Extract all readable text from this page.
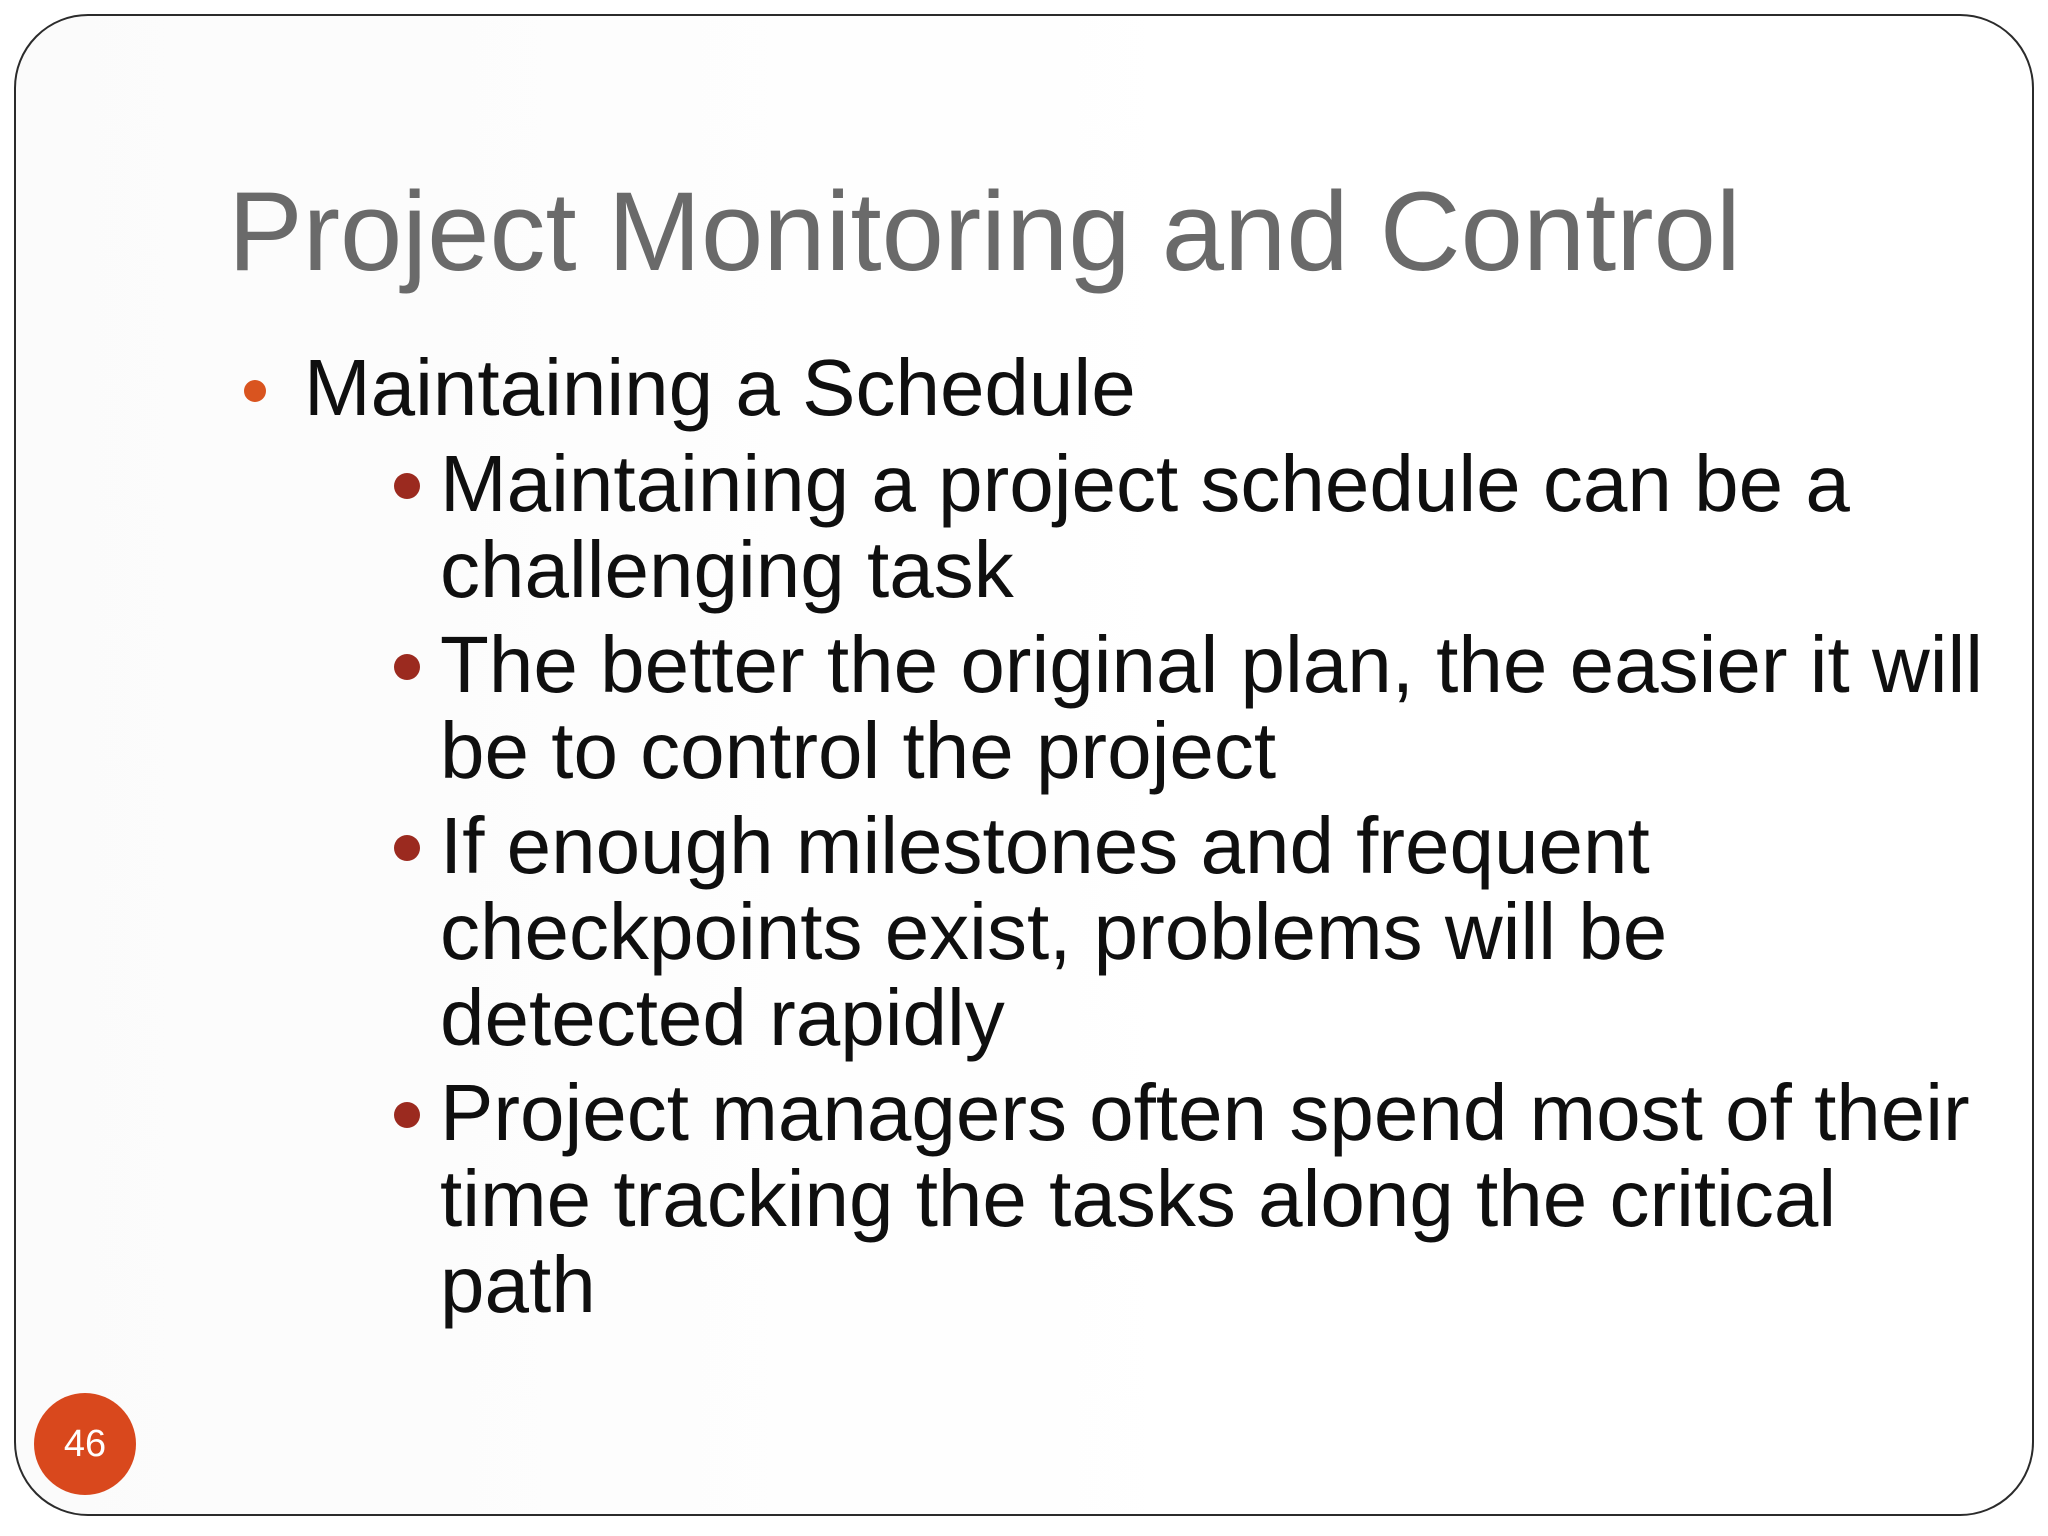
Project Monitoring and Control
Maintaining a Schedule
Maintaining a project schedule can be a challenging task
The better the original plan, the easier it will be to control the project
If enough milestones and frequent checkpoints exist, problems will be detected rapidly
Project managers often spend most of their time tracking the tasks along the critical path
46
